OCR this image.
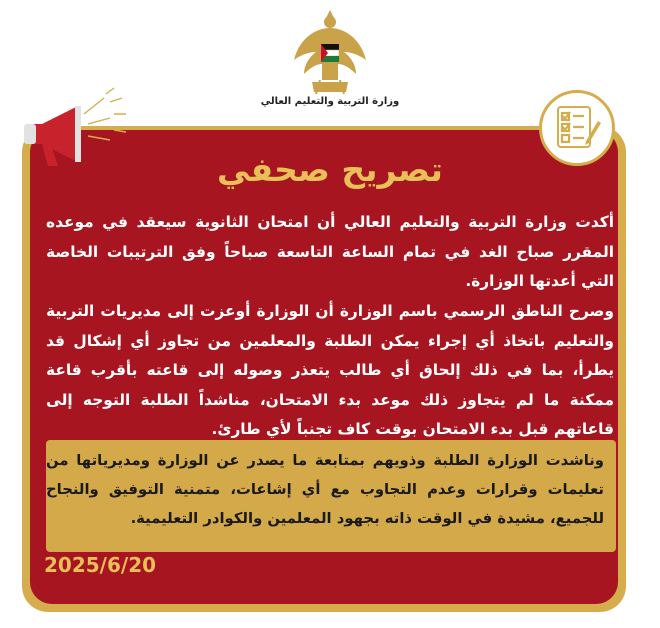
وزارة التربية والتعليم العالي
تصريح صحفي
أكدت وزارة التربية والتعليم العالي أن امتحان الثانوية سيعقد في موعده المقرر صباح الغد في تمام الساعة التاسعة صباحاً وفق الترتيبات الخاصة التي أعدتها الوزارة.
وصرح الناطق الرسمي باسم الوزارة أن الوزارة أوعزت إلى مديريات التربية والتعليم باتخاذ أي إجراء يمكن الطلبة والمعلمين من تجاوز أي إشكال قد يطرأ، بما في ذلك إلحاق أي طالب يتعذر وصوله إلى قاعته بأقرب قاعة ممكنة ما لم يتجاوز ذلك موعد بدء الامتحان، مناشداً الطلبة التوجه إلى قاعاتهم قبل بدء الامتحان بوقت كاف تجنباً لأي طارئ.
وناشدت الوزارة الطلبة وذويهم بمتابعة ما يصدر عن الوزارة ومديرياتها من تعليمات وقرارات وعدم التجاوب مع أي إشاعات، متمنية التوفيق والنجاح للجميع، مشيدة في الوقت ذاته بجهود المعلمين والكوادر التعليمية.
2025/6/20
